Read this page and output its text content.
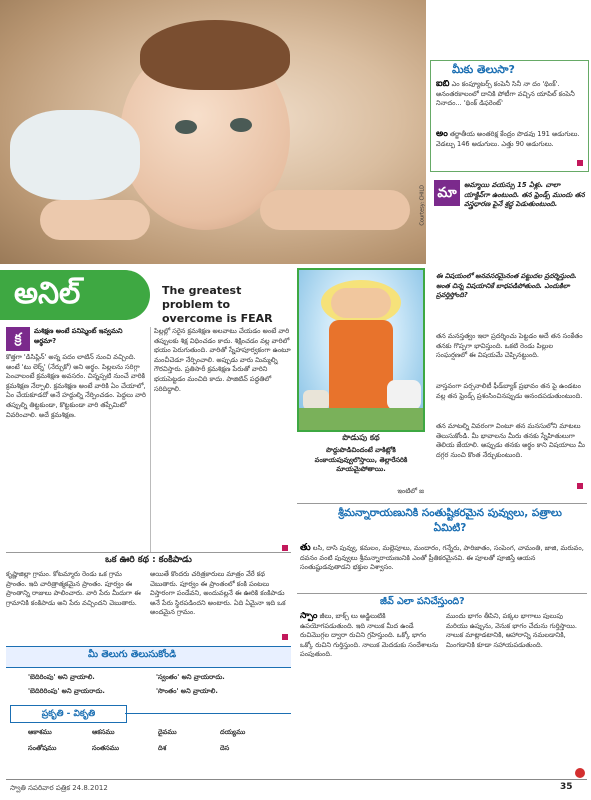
Courtesy: CHILD
మీకు తెలుసా?
ఐబీ ఎం కంప్యూటర్స్ కంపెనీ సినీ నా దం 'థింక్'. అనంతరకాలంలో దానికి పోటీగా వచ్చిన యాపిల్ కంపెనీ నినాదం... 'థింక్ డిఫరెంట్'
అం తర్జాతీయ అంతరిక్ష కేంద్రం పొడవు 191 అడుగులు. వెడల్పు 146 అడుగులు. ఎత్తు 90 అడుగులు.
మా	అమ్మాయి వయస్సు 15 ఏళ్లు. చాలా యాక్టివ్‌గా ఉంటుంది. తన ఫ్రెండ్స్ ముందు తన వస్త్రధారణ పైనే శ్రద్ధ పెడుతుంటుంది.
ఈ విషయంలో అనవసరమైనంత పట్టుదల ప్రదర్శిస్తుంది. అంత చిన్న విషయానికే బాధపడిపోతుంది. ఎందుకిలా ప్రవర్తిస్తోంది?
తన మనస్తత్వం ఇలా ప్రదర్శించు పెట్టడం అదే తన సంకేతం తనకు గొప్పగా భావిస్తుంది. ఒకటి రెండు పిల్లుల సంఘర్షణలో ఈ విషయమే చెప్పినట్టుంది.
వాస్తవంగా పర్సనాలిటీ ఫీడ్‌బ్యాక్ ప్రభావం తన పై ఉండటం వల్ల తన ఫ్రెండ్స్ ప్రశంసించినప్పుడు ఆనందపడుతుంటుంది.
తన మాటల్ని వివరంగా వింటూ తన మనసులోని మాటలు తెలుసుకోండి. మీ భావాలను మీరు తనకు స్నేహితులుగా తెలియ జేయాలి. అప్పుడు తనకు అర్థం కాని విషయాలు మీ దగ్గర నుంచి కొంత నేర్చుకుంటుంది.
అనిల్	The greatest problem to overcome is FEAR
క్ర	మశిక్షణ అంటే పనిష్మెంట్ ఇవ్వమని అర్థమా?
కొత్తగా 'డిసిప్లిన్' అన్న పదం లాటిన్ నుంచి వచ్చింది. అంటే 'టు లెర్న్' (నేర్చుకో) అని అర్థం. పిల్లలను సరిగ్గా పెంచాలంటే క్రమశిక్షణ అవసరం. చిన్నప్పటి నుంచే వారికి క్రమశిక్షణ నేర్పాలి. క్రమశిక్షణ అంటే వారికి ఏం చేయాలో, ఏం చేయకూడదో అనే హద్దుల్ని నేర్పించడం. పెద్దలు వారి తప్పుల్ని తిట్టకుండా, కొట్టకుండా వారి తప్పేమిటో వివరించాలి. అదే క్రమశిక్షణ.
పిల్లల్లో సరైన క్రమశిక్షణ అలవాటు చేయడం అంటే వారి తప్పులకు శిక్ష విధించడం కాదు. శిక్షించడం వల్ల వారిలో భయం పెరుగుతుంది. వారితో స్నేహపూర్వకంగా ఉంటూ మంచీచెడూ నేర్పించాలి. అప్పుడు వారు మిమ్మల్ని గౌరవిస్తారు. ప్రతిసారీ క్రమశిక్షణ పేరుతో వారిని భయపెట్టడం మంచిది కాదు. పాజిటివ్ పద్ధతిలో సరిదిద్దాలి.
పొడుపు కథ
పొద్దుపొడిచిందంటే వాకిట్లోకి వంకాయపువ్వులొస్తాయి, తెల్లారేసరికి మాయమైపోతాయి.
ఇంటిలో జ
శ్రీమన్నారాయణునికి సంతుష్టికరమైన పువ్వులు, పత్రాలు ఏమిటి?
తు లసి, దాసి పువ్వు, కమలం, మల్లెపూలు, మందారం, గన్నేరు, పారిజాతం, సంపెంగ, చామంతి, జాజి, మరువం, దవనం వంటి పువ్వులు శ్రీమన్నారాయణునికి ఎంతో ప్రీతికరమైనవి. ఈ పూలతో పూజిస్తే ఆయన సంతుష్టుడవుతాడని భక్తుల విశ్వాసం.
ఒక ఊరి కథ : కంకిపాడు
కృష్ణాజిల్లా గ్రామం. కోటమ్మారు రెండు ఒక గ్రామ ప్రాంతం. ఇది చారిత్రాత్మకమైన ప్రాంతం. పూర్వం ఈ ప్రాంతాన్ని రాజులు పాలించారు. వారి పేరు మీదుగా ఈ గ్రామానికి కంకిపాడు అని పేరు వచ్చిందని చెబుతారు.
అయితే కొందరు చరిత్రకారులు మాత్రం వేరే కథ చెబుతారు. పూర్వం ఈ ప్రాంతంలో కంకి పంటలు విస్తారంగా పండేవని, అందువల్లనే ఈ ఊరికి కంకిపాడు అనే పేరు స్థిరపడిందని అంటారు. ఏది ఏమైనా ఇది ఒక అందమైన గ్రామం.
జీవ్ ఎలా పనిచేస్తుంది?
స్పాం జీలు, బాక్స్ లు అడ్జిలుటికి ఉపయోగపడుతుంది. ఇది నాలుక మీద ఉండే రుచిమొగ్గల ద్వారా రుచిని గ్రహిస్తుంది. ఒక్కో భాగం ఒక్కో రుచిని గుర్తిస్తుంది. నాలుక మెదడుకు సందేశాలను పంపుతుంది.
ముందు భాగం తీపిని, పక్కల భాగాలు పులుపు మరియు ఉప్పును, వెనుక భాగం చేదును గుర్తిస్తాయి. నాలుక మాట్లాడటానికి, ఆహారాన్ని నమలడానికి, మింగడానికి కూడా సహాయపడుతుంది.
మీ తెలుగు తెలుసుకోండి
'బెదిరింపు' అని వ్రాయాలి.	'స్వంతం' అని వ్రాయరాదు.
'బెదిరిరింపు' అని వ్రాయరాదు.	'సొంతం' అని వ్రాయాలి.
ప్రకృతి - వికృతి
ఆకాశము	ఆకసము	దైవము	దయ్యము
సంతోషము	సంతసము	దిశ	దెస
స్వాతి సపరివార పత్రిక 24.8.2012	35
